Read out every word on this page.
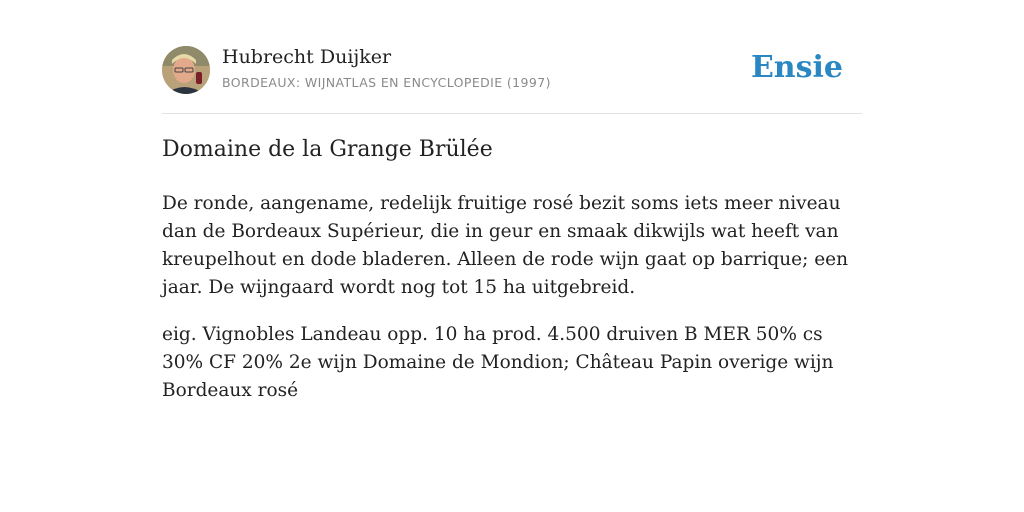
Hubrecht Duijker
BORDEAUX: WIJNATLAS EN ENCYCLOPEDIE (1997)	Ensie
Domaine de la Grange Brülée

De ronde, aangename, redelijk fruitige rosé bezit soms iets meer niveau dan de Bordeaux Supérieur, die in geur en smaak dikwijls wat heeft van kreupelhout en dode bladeren. Alleen de rode wijn gaat op barrique; een jaar. De wijngaard wordt nog tot 15 ha uitgebreid.

eig. Vignobles Landeau opp. 10 ha prod. 4.500 druiven B MER 50% cs 30% CF 20% 2e wijn Domaine de Mondion; Château Papin overige wijn Bordeaux rosé
